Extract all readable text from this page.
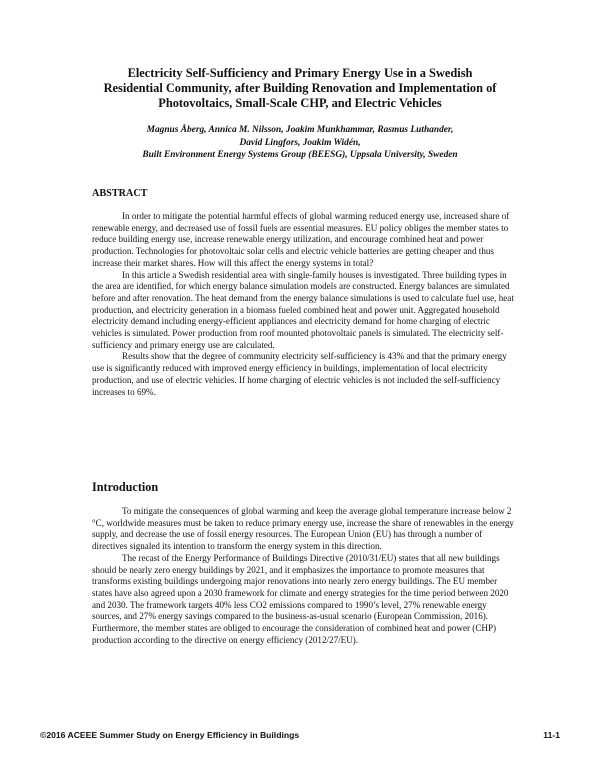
Electricity Self-Sufficiency and Primary Energy Use in a Swedish
Residential Community, after Building Renovation and Implementation of
Photovoltaics, Small-Scale CHP, and Electric Vehicles
Magnus Åberg, Annica M. Nilsson, Joakim Munkhammar, Rasmus Luthander,
David Lingfors, Joakim Widén,
Built Environment Energy Systems Group (BEESG), Uppsala University, Sweden
ABSTRACT

In order to mitigate the potential harmful effects of global warming reduced energy use, increased share of renewable energy, and decreased use of fossil fuels are essential measures. EU policy obliges the member states to reduce building energy use, increase renewable energy utilization, and encourage combined heat and power production. Technologies for photovoltaic solar cells and electric vehicle batteries are getting cheaper and thus increase their market shares. How will this affect the energy systems in total?

In this article a Swedish residential area with single-family houses is investigated. Three building types in the area are identified, for which energy balance simulation models are constructed. Energy balances are simulated before and after renovation. The heat demand from the energy balance simulations is used to calculate fuel use, heat production, and electricity generation in a biomass fueled combined heat and power unit. Aggregated household electricity demand including energy-efficient appliances and electricity demand for home charging of electric vehicles is simulated. Power production from roof mounted photovoltaic panels is simulated. The electricity self-sufficiency and primary energy use are calculated.

Results show that the degree of community electricity self-sufficiency is 43% and that the primary energy use is significantly reduced with improved energy efficiency in buildings, implementation of local electricity production, and use of electric vehicles. If home charging of electric vehicles is not included the self-sufficiency increases to 69%.

Introduction

To mitigate the consequences of global warming and keep the average global temperature increase below 2 °C, worldwide measures must be taken to reduce primary energy use, increase the share of renewables in the energy supply, and decrease the use of fossil energy resources. The European Union (EU) has through a number of directives signaled its intention to transform the energy system in this direction.

The recast of the Energy Performance of Buildings Directive (2010/31/EU) states that all new buildings should be nearly zero energy buildings by 2021, and it emphasizes the importance to promote measures that transforms existing buildings undergoing major renovations into nearly zero energy buildings. The EU member states have also agreed upon a 2030 framework for climate and energy strategies for the time period between 2020 and 2030. The framework targets 40% less CO2 emissions compared to 1990’s level, 27% renewable energy sources, and 27% energy savings compared to the business-as-usual scenario (European Commission, 2016). Furthermore, the member states are obliged to encourage the consideration of combined heat and power (CHP) production according to the directive on energy efficiency (2012/27/EU).

©2016 ACEEE Summer Study on Energy Efficiency in Buildings	11-1
